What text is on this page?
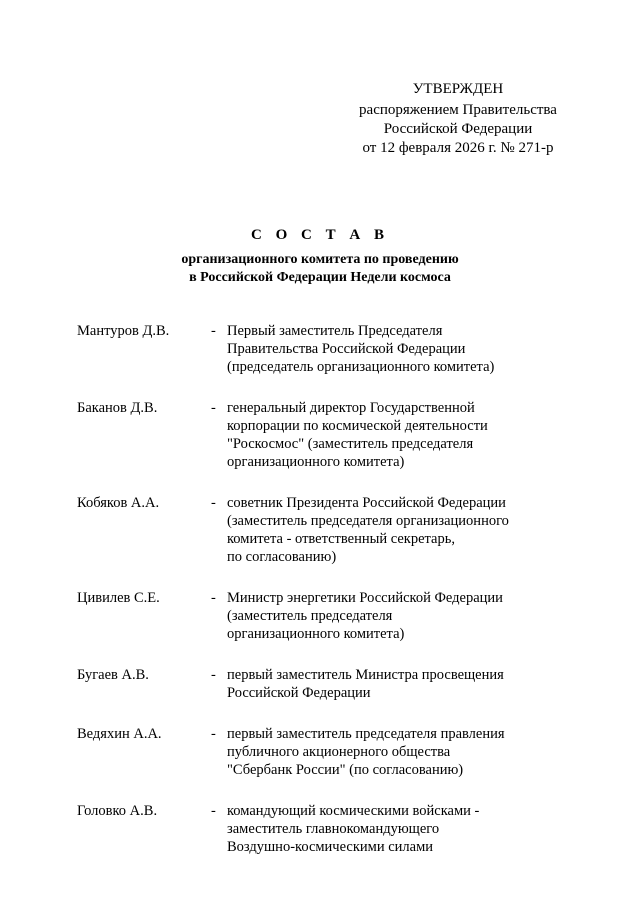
УТВЕРЖДЕН
распоряжением Правительства
Российской Федерации
от 12 февраля 2026 г. № 271-р
С О С Т А В
организационного комитета по проведению
в Российской Федерации Недели космоса
Мантуров Д.В.	- Первый заместитель Председателя
Правительства Российской Федерации
(председатель организационного комитета)
Баканов Д.В.	- генеральный директор Государственной
корпорации по космической деятельности
"Роскосмос" (заместитель председателя
организационного комитета)
Кобяков А.А.	- советник Президента Российской Федерации
(заместитель председателя организационного
комитета - ответственный секретарь,
по согласованию)
Цивилев С.Е.	- Министр энергетики Российской Федерации
(заместитель председателя
организационного комитета)
Бугаев А.В.	- первый заместитель Министра просвещения
Российской Федерации
Ведяхин А.А.	- первый заместитель председателя правления
публичного акционерного общества
"Сбербанк России" (по согласованию)
Головко А.В.	- командующий космическими войсками -
заместитель главнокомандующего
Воздушно-космическими силами
